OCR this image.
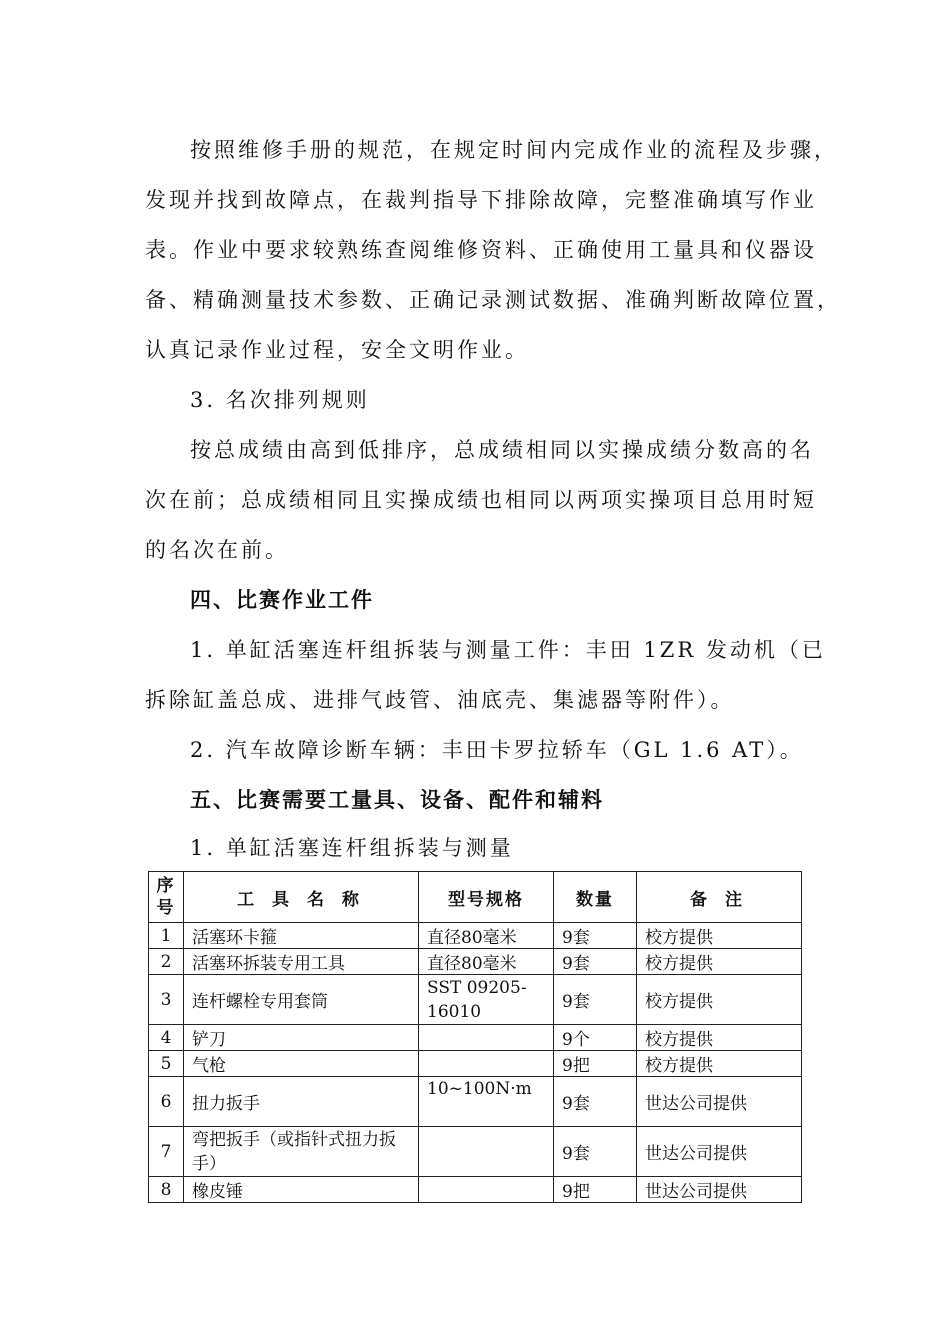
按照维修手册的规范，在规定时间内完成作业的流程及步骤，
发现并找到故障点，在裁判指导下排除故障，完整准确填写作业
表。作业中要求较熟练查阅维修资料、正确使用工量具和仪器设
备、精确测量技术参数、正确记录测试数据、准确判断故障位置，
认真记录作业过程，安全文明作业。
3. 名次排列规则
按总成绩由高到低排序，总成绩相同以实操成绩分数高的名
次在前；总成绩相同且实操成绩也相同以两项实操项目总用时短
的名次在前。
四、比赛作业工件
1. 单缸活塞连杆组拆装与测量工件：丰田 1ZR 发动机（已
拆除缸盖总成、进排气歧管、油底壳、集滤器等附件）。
2. 汽车故障诊断车辆：丰田卡罗拉轿车（GL 1.6 AT）。
五、比赛需要工量具、设备、配件和辅料
1. 单缸活塞连杆组拆装与测量
序号	工 具 名 称	型号规格	数量	备 注
1	活塞环卡箍	直径80毫米	9套	校方提供
2	活塞环拆装专用工具	直径80毫米	9套	校方提供
3	连杆螺栓专用套筒	SST 09205-16010	9套	校方提供
4	铲刀		9个	校方提供
5	气枪		9把	校方提供
6	扭力扳手	10~100N·m	9套	世达公司提供
7	弯把扳手（或指针式扭力扳手）		9套	世达公司提供
8	橡皮锤		9把	世达公司提供
